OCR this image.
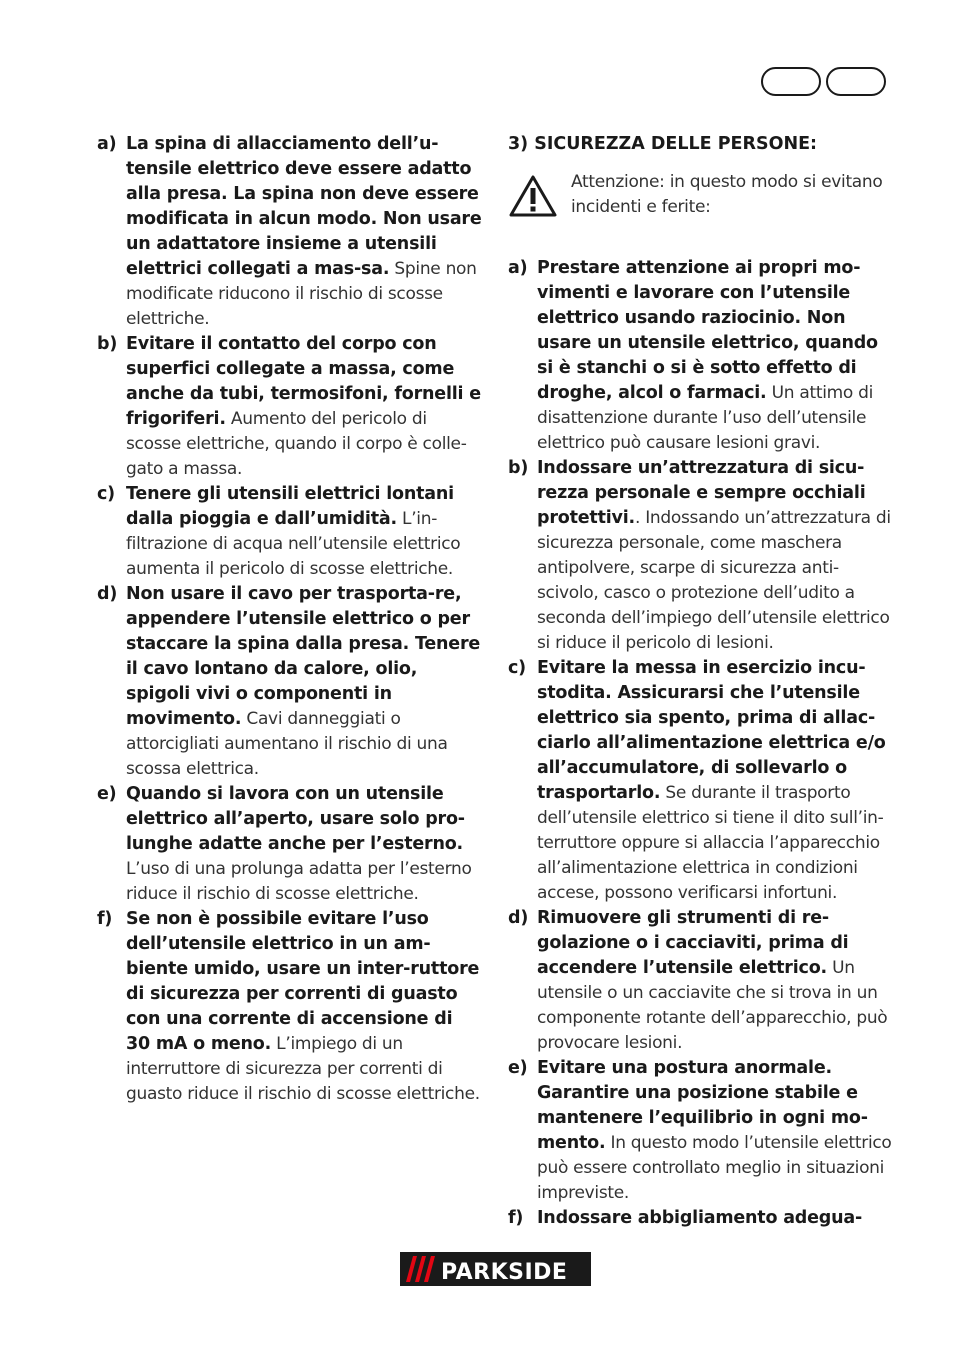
a) La spina di allacciamento dell’u-tensile elettrico deve essere adatto alla presa. La spina non deve essere modificata in alcun modo. Non usare un adattatore insieme a utensili elettrici collegati a mas-sa. Spine non modificate riducono il rischio di scosse elettriche.
b) Evitare il contatto del corpo con superfici collegate a massa, come anche da tubi, termosifoni, fornelli e frigoriferi. Aumento del pericolo di scosse elettriche, quando il corpo è colle-gato a massa.
c) Tenere gli utensili elettrici lontani dalla pioggia e dall’umidità. L’in-filtrazione di acqua nell’utensile elettrico aumenta il pericolo di scosse elettriche.
d) Non usare il cavo per trasporta-re, appendere l’utensile elettrico o per staccare la spina dalla presa. Tenere il cavo lontano da calore, olio, spigoli vivi o componenti in movimento. Cavi danneggiati o attorcigliati aumentano il rischio di una scossa elettrica.
e) Quando si lavora con un utensile elettrico all’aperto, usare solo pro-lunghe adatte anche per l’esterno. L’uso di una prolunga adatta per l’esterno riduce il rischio di scosse elettriche.
f) Se non è possibile evitare l’uso dell’utensile elettrico in un am-biente umido, usare un inter-ruttore di sicurezza per correnti di guasto con una corrente di accensione di 30 mA o meno. L’impiego di un interruttore di sicurezza per correnti di guasto riduce il rischio di scosse elettriche.
3) SICUREZZA DELLE PERSONE:
Attenzione: in questo modo si evitano incidenti e ferite:
a) Prestare attenzione ai propri mo-vimenti e lavorare con l’utensile elettrico usando raziocinio. Non usare un utensile elettrico, quando si è stanchi o si è sotto effetto di droghe, alcol o farmaci. Un attimo di disattenzione durante l’uso dell’utensile elettrico può causare lesioni gravi.
b) Indossare un’attrezzatura di sicu-rezza personale e sempre occhiali protettivi.. Indossando un’attrezzatura di sicurezza personale, come maschera antipolvere, scarpe di sicurezza anti-scivolo, casco o protezione dell’udito a seconda dell’impiego dell’utensile elettrico si riduce il pericolo di lesioni.
c) Evitare la messa in esercizio incu-stodita. Assicurarsi che l’utensile elettrico sia spento, prima di allac-ciarlo all’alimentazione elettrica e/o all’accumulatore, di sollevarlo o trasportarlo. Se durante il trasporto dell’utensile elettrico si tiene il dito sull’in-terruttore oppure si allaccia l’apparecchio all’alimentazione elettrica in condizioni accese, possono verificarsi infortuni.
d) Rimuovere gli strumenti di re-golazione o i cacciaviti, prima di accendere l’utensile elettrico. Un utensile o un cacciavite che si trova in un componente rotante dell’apparecchio, può provocare lesioni.
e) Evitare una postura anormale. Garantire una posizione stabile e mantenere l’equilibrio in ogni mo-mento. In questo modo l’utensile elettrico può essere controllato meglio in situazioni impreviste.
f) Indossare abbigliamento adegua-
PARKSIDE
